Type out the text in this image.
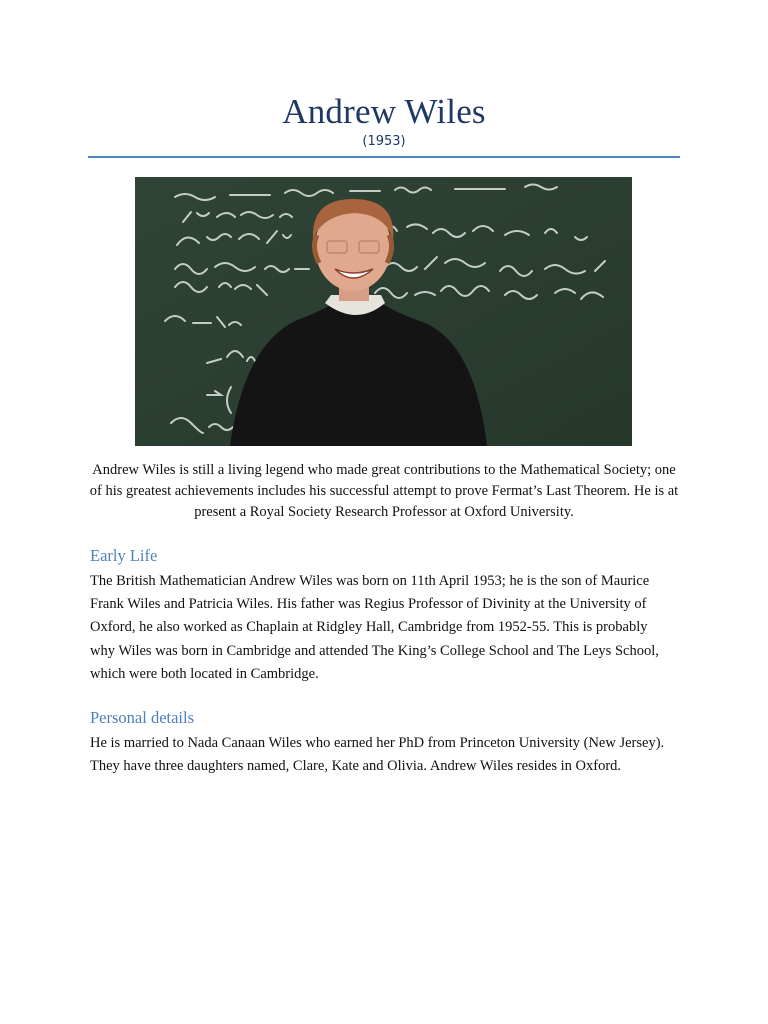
Andrew Wiles
(1953)
Andrew Wiles is still a living legend who made great contributions to the Mathematical Society; one of his greatest achievements includes his successful attempt to prove Fermat’s Last Theorem. He is at present a Royal Society Research Professor at Oxford University.
Early Life
The British Mathematician Andrew Wiles was born on 11th April 1953; he is the son of Maurice Frank Wiles and Patricia Wiles. His father was Regius Professor of Divinity at the University of Oxford, he also worked as Chaplain at Ridgley Hall, Cambridge from 1952-55. This is probably why Wiles was born in Cambridge and attended The King’s College School and The Leys School, which were both located in Cambridge.
Personal details
He is married to Nada Canaan Wiles who earned her PhD from Princeton University (New Jersey). They have three daughters named, Clare, Kate and Olivia. Andrew Wiles resides in Oxford.
